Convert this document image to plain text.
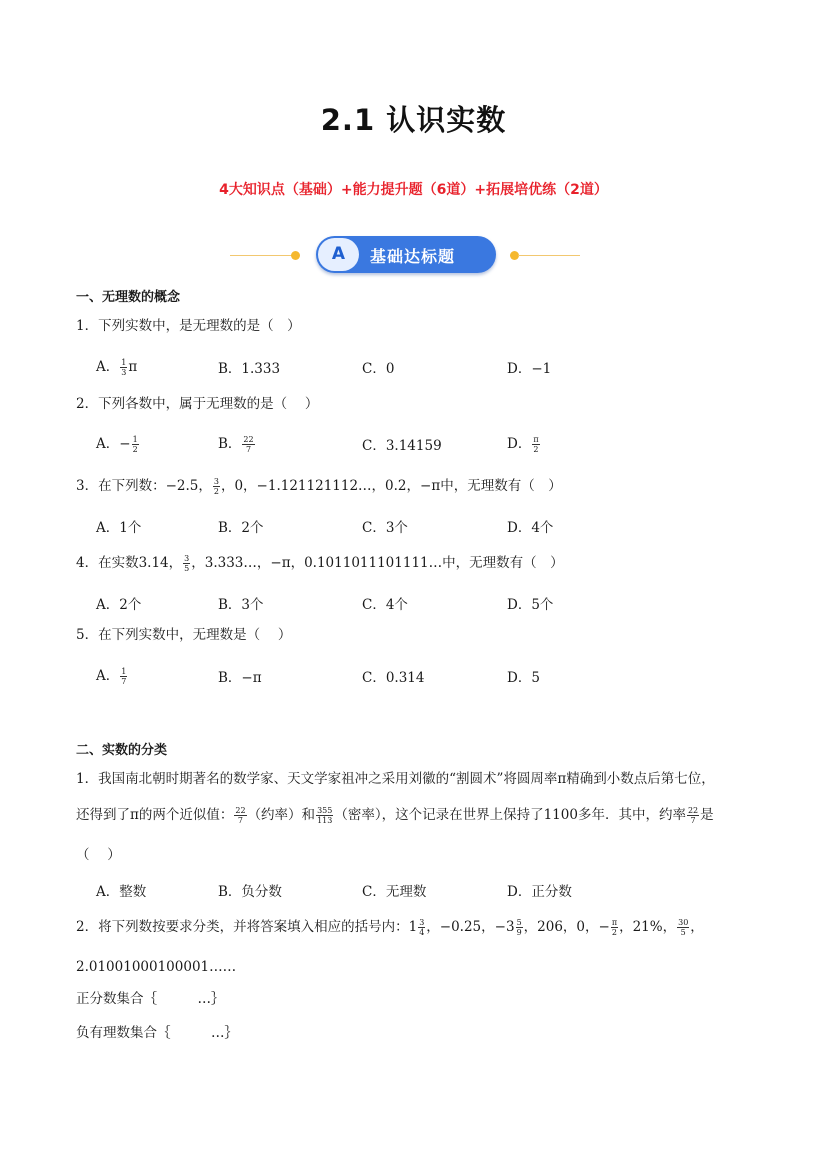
2.1 认识实数
4大知识点（基础）+能力提升题（6道）+拓展培优练（2道）
A	基础达标题
一、无理数的概念
1．下列实数中，是无理数的是（　）
A． $\frac{1}{3}$ π	B．1.333	C．0	D．−1
2．下列各数中，属于无理数的是（　 ）
A．− $\frac{1}{2}$	B． $\frac{22}{7}$	C．3.14159	D． $\frac{\pi}{2}$
3．在下列数：−2.5， $\frac{3}{2}$ ，0，−1.121121112…，0.2，−π中，无理数有（　）
A．1个	B．2个	C．3个	D．4个
4．在实数3.14， $\frac{3}{5}$ ，3.333…，−π，0.1011011101111…中，无理数有（　）
A．2个	B．3个	C．4个	D．5个
5．在下列实数中，无理数是（　 ）
A． $\frac{1}{7}$	B．−π	C．0.314	D．5
二、实数的分类
1．我国南北朝时期著名的数学家、天文学家祖冲之采用刘徽的“割圆术”将圆周率π精确到小数点后第七位，
还得到了π的两个近似值： $\frac{22}{7}$ （约率）和 $\frac{355}{113}$ （密率），这个记录在世界上保持了1100多年．其中，约率 $\frac{22}{7}$ 是
（　 ）
A．整数	B．负分数	C．无理数	D．正分数
2．将下列数按要求分类，并将答案填入相应的括号内：$1 \frac{3}{4}$ ，−0.25，$-3 \frac{5}{9}$ ，206，0，− $\frac{\pi}{2}$ ，21%， $\frac{30}{5}$ ，
2.01001000100001……
正分数集合｛　　　…｝
负有理数集合｛　　　…｝
